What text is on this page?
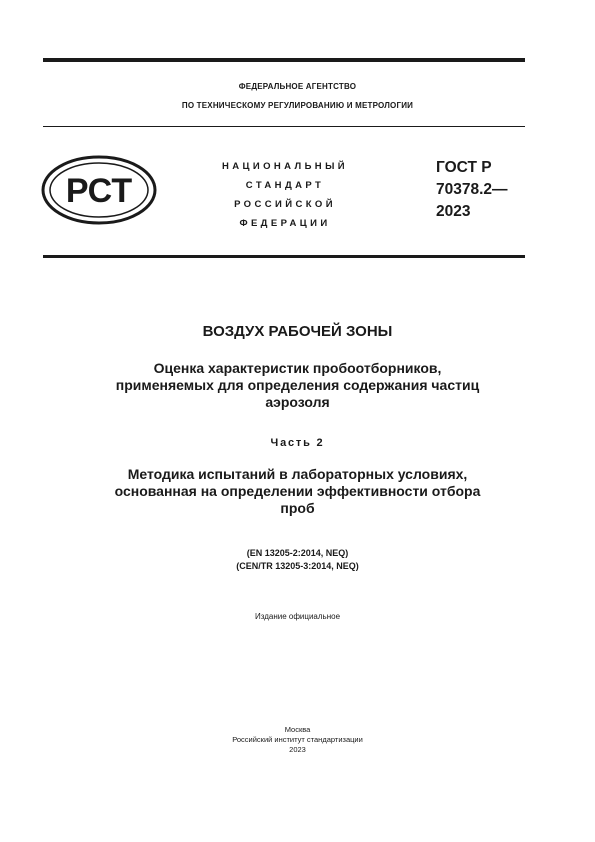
ФЕДЕРАЛЬНОЕ АГЕНТСТВО
ПО ТЕХНИЧЕСКОМУ РЕГУЛИРОВАНИЮ И МЕТРОЛОГИИ
РСТ
НАЦИОНАЛЬНЫЙ
СТАНДАРТ
РОССИЙСКОЙ
ФЕДЕРАЦИИ
ГОСТ Р
70378.2—
2023
ВОЗДУХ РАБОЧЕЙ ЗОНЫ
Оценка характеристик пробоотборников,
применяемых для определения содержания частиц
аэрозоля
Часть 2
Методика испытаний в лабораторных условиях,
основанная на определении эффективности отбора
проб
(EN 13205-2:2014, NEQ)
(CEN/TR 13205-3:2014, NEQ)
Издание официальное
Москва
Российский институт стандартизации
2023
